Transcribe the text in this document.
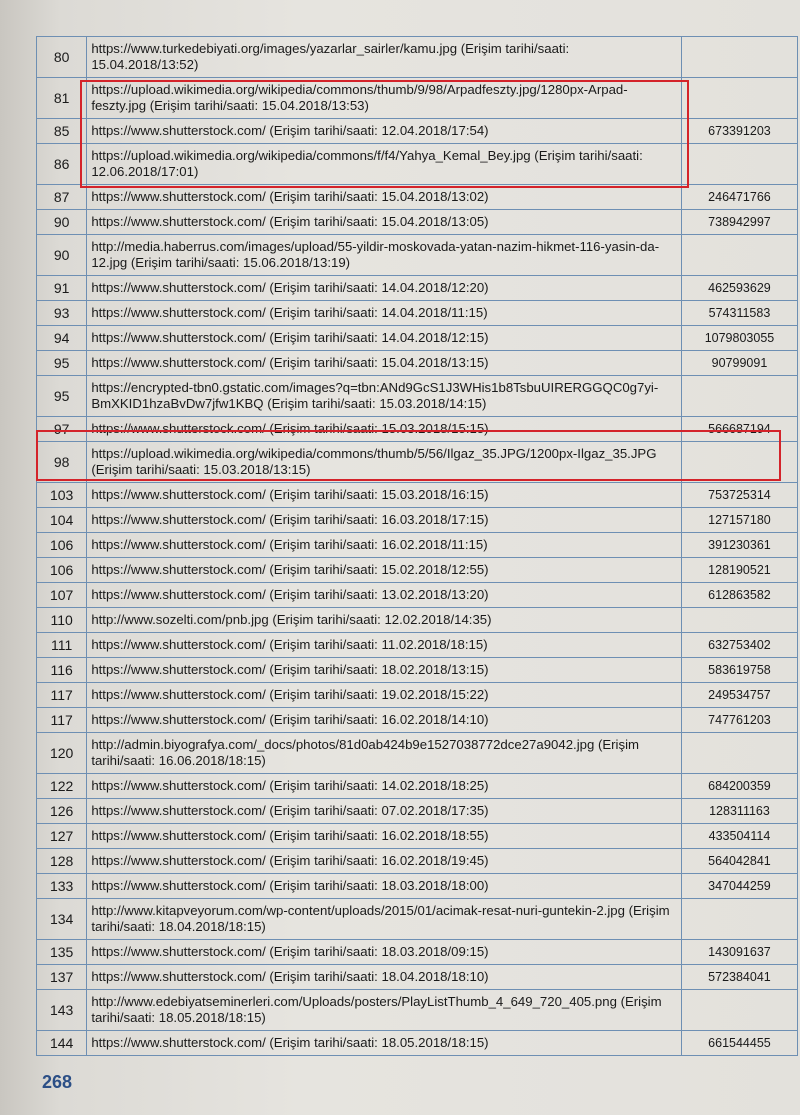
80	https://www.turkedebiyati.org/images/yazarlar_sairler/kamu.jpg (Erişim tarihi/saati: 15.04.2018/13:52)	
81	https://upload.wikimedia.org/wikipedia/commons/thumb/9/98/Arpadfeszty.jpg/1280px-Arpad-feszty.jpg (Erişim tarihi/saati: 15.04.2018/13:53)	
85	https://www.shutterstock.com/ (Erişim tarihi/saati: 12.04.2018/17:54)	673391203
86	https://upload.wikimedia.org/wikipedia/commons/f/f4/Yahya_Kemal_Bey.jpg (Erişim tarihi/saati: 12.06.2018/17:01)	
87	https://www.shutterstock.com/ (Erişim tarihi/saati: 15.04.2018/13:02)	246471766
90	https://www.shutterstock.com/ (Erişim tarihi/saati: 15.04.2018/13:05)	738942997
90	http://media.haberrus.com/images/upload/55-yildir-moskovada-yatan-nazim-hikmet-116-yasin-da-12.jpg (Erişim tarihi/saati: 15.06.2018/13:19)	
91	https://www.shutterstock.com/ (Erişim tarihi/saati: 14.04.2018/12:20)	462593629
93	https://www.shutterstock.com/ (Erişim tarihi/saati: 14.04.2018/11:15)	574311583
94	https://www.shutterstock.com/ (Erişim tarihi/saati: 14.04.2018/12:15)	1079803055
95	https://www.shutterstock.com/ (Erişim tarihi/saati: 15.04.2018/13:15)	90799091
95	https://encrypted-tbn0.gstatic.com/images?q=tbn:ANd9GcS1J3WHis1b8TsbuUIRERGGQC0g7yi-BmXKID1hzaBvDw7jfw1KBQ (Erişim tarihi/saati: 15.03.2018/14:15)	
97	https://www.shutterstock.com/ (Erişim tarihi/saati: 15.03.2018/15:15)	566687194
98	https://upload.wikimedia.org/wikipedia/commons/thumb/5/56/Ilgaz_35.JPG/1200px-Ilgaz_35.JPG (Erişim tarihi/saati: 15.03.2018/13:15)	
103	https://www.shutterstock.com/ (Erişim tarihi/saati: 15.03.2018/16:15)	753725314
104	https://www.shutterstock.com/ (Erişim tarihi/saati: 16.03.2018/17:15)	127157180
106	https://www.shutterstock.com/ (Erişim tarihi/saati: 16.02.2018/11:15)	391230361
106	https://www.shutterstock.com/ (Erişim tarihi/saati: 15.02.2018/12:55)	128190521
107	https://www.shutterstock.com/ (Erişim tarihi/saati: 13.02.2018/13:20)	612863582
110	http://www.sozelti.com/pnb.jpg (Erişim tarihi/saati: 12.02.2018/14:35)	
111	https://www.shutterstock.com/ (Erişim tarihi/saati: 11.02.2018/18:15)	632753402
116	https://www.shutterstock.com/ (Erişim tarihi/saati: 18.02.2018/13:15)	583619758
117	https://www.shutterstock.com/ (Erişim tarihi/saati: 19.02.2018/15:22)	249534757
117	https://www.shutterstock.com/ (Erişim tarihi/saati: 16.02.2018/14:10)	747761203
120	http://admin.biyografya.com/_docs/photos/81d0ab424b9e1527038772dce27a9042.jpg (Erişim tarihi/saati: 16.06.2018/18:15)	
122	https://www.shutterstock.com/ (Erişim tarihi/saati: 14.02.2018/18:25)	684200359
126	https://www.shutterstock.com/ (Erişim tarihi/saati: 07.02.2018/17:35)	128311163
127	https://www.shutterstock.com/ (Erişim tarihi/saati: 16.02.2018/18:55)	433504114
128	https://www.shutterstock.com/ (Erişim tarihi/saati: 16.02.2018/19:45)	564042841
133	https://www.shutterstock.com/ (Erişim tarihi/saati: 18.03.2018/18:00)	347044259
134	http://www.kitapveyorum.com/wp-content/uploads/2015/01/acimak-resat-nuri-guntekin-2.jpg (Erişim tarihi/saati: 18.04.2018/18:15)	
135	https://www.shutterstock.com/ (Erişim tarihi/saati: 18.03.2018/09:15)	143091637
137	https://www.shutterstock.com/ (Erişim tarihi/saati: 18.04.2018/18:10)	572384041
143	http://www.edebiyatseminerleri.com/Uploads/posters/PlayListThumb_4_649_720_405.png (Erişim tarihi/saati: 18.05.2018/18:15)	
144	https://www.shutterstock.com/ (Erişim tarihi/saati: 18.05.2018/18:15)	661544455
268
